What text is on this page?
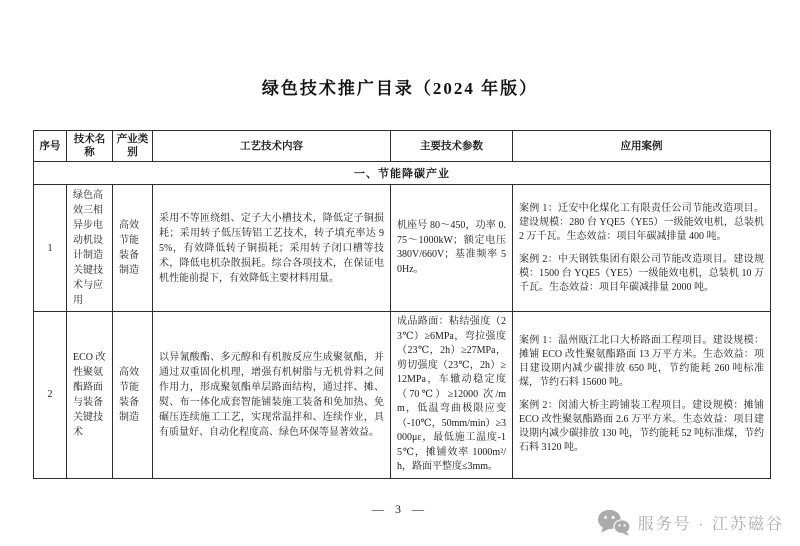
绿色技术推广目录（2024 年版）
序号	技术名称	产业类别	工艺技术内容	主要技术参数	应用案例
一、节能降碳产业					
1	绿色高效三相异步电动机设计制造关键技术与应用	高效节能装备制造	采用不等匝绕组、定子大小槽技术，降低定子铜损耗；采用转子低压铸铝工艺技术，转子填充率达 95%，有效降低转子铜损耗；采用转子闭口槽等技术，降低电机杂散损耗。综合各项技术，在保证电机性能前提下，有效降低主要材料用量。	机座号 80～450，功率 0.75～1000kW；额定电压 380V/660V；基准频率 50Hz。	案例 1：迁安中化煤化工有限责任公司节能改造项目。建设规模：280 台 YQE5（YE5）一级能效电机，总装机 2 万千瓦。生态效益：项目年碳减排量 400 吨。

案例 2：中天钢铁集团有限公司节能改造项目。建设规模：1500 台 YQE5（YE5）一级能效电机，总装机 10 万千瓦。生态效益：项目年碳减排量 2000 吨。

2	ECO 改性聚氨酯路面与装备关键技术	高效节能装备制造	以异氰酸酯、多元醇和有机胺反应生成聚氨酯，并通过双重固化机理，增强有机树脂与无机骨料之间作用力，形成聚氨酯单层路面结构，通过拌、摊、熨、布一体化成套智能铺装施工装备和免加热、免碾压连续施工工艺，实现常温拌和、连续作业，具有质量好、自动化程度高、绿色环保等显著效益。	成品路面：粘结强度（23℃）≥6MPa，弯拉强度（23℃，2h）≥27MPa，剪切强度（23℃，2h）≥12MPa，车辙动稳定度（70℃）≥12000 次/mm，低温弯曲极限应变（-10℃，50mm/min）≥3000με，最低施工温度-15℃，摊铺效率 1000m²/h，路面平整度≤3mm。	案例 1：温州瓯江北口大桥路面工程项目。建设规模：摊铺 ECO 改性聚氨酯路面 13 万平方米。生态效益：项目建设期内减少碳排放 650 吨，节约能耗 260 吨标准煤，节约石料 15600 吨。

案例 2：闵浦大桥主跨铺装工程项目。建设规模：摊铺 ECO 改性聚氨酯路面 2.6 万平方米。生态效益：项目建设期内减少碳排放 130 吨，节约能耗 52 吨标准煤，节约石料 3120 吨。

— 3 —
服务号 · 江苏磁谷
